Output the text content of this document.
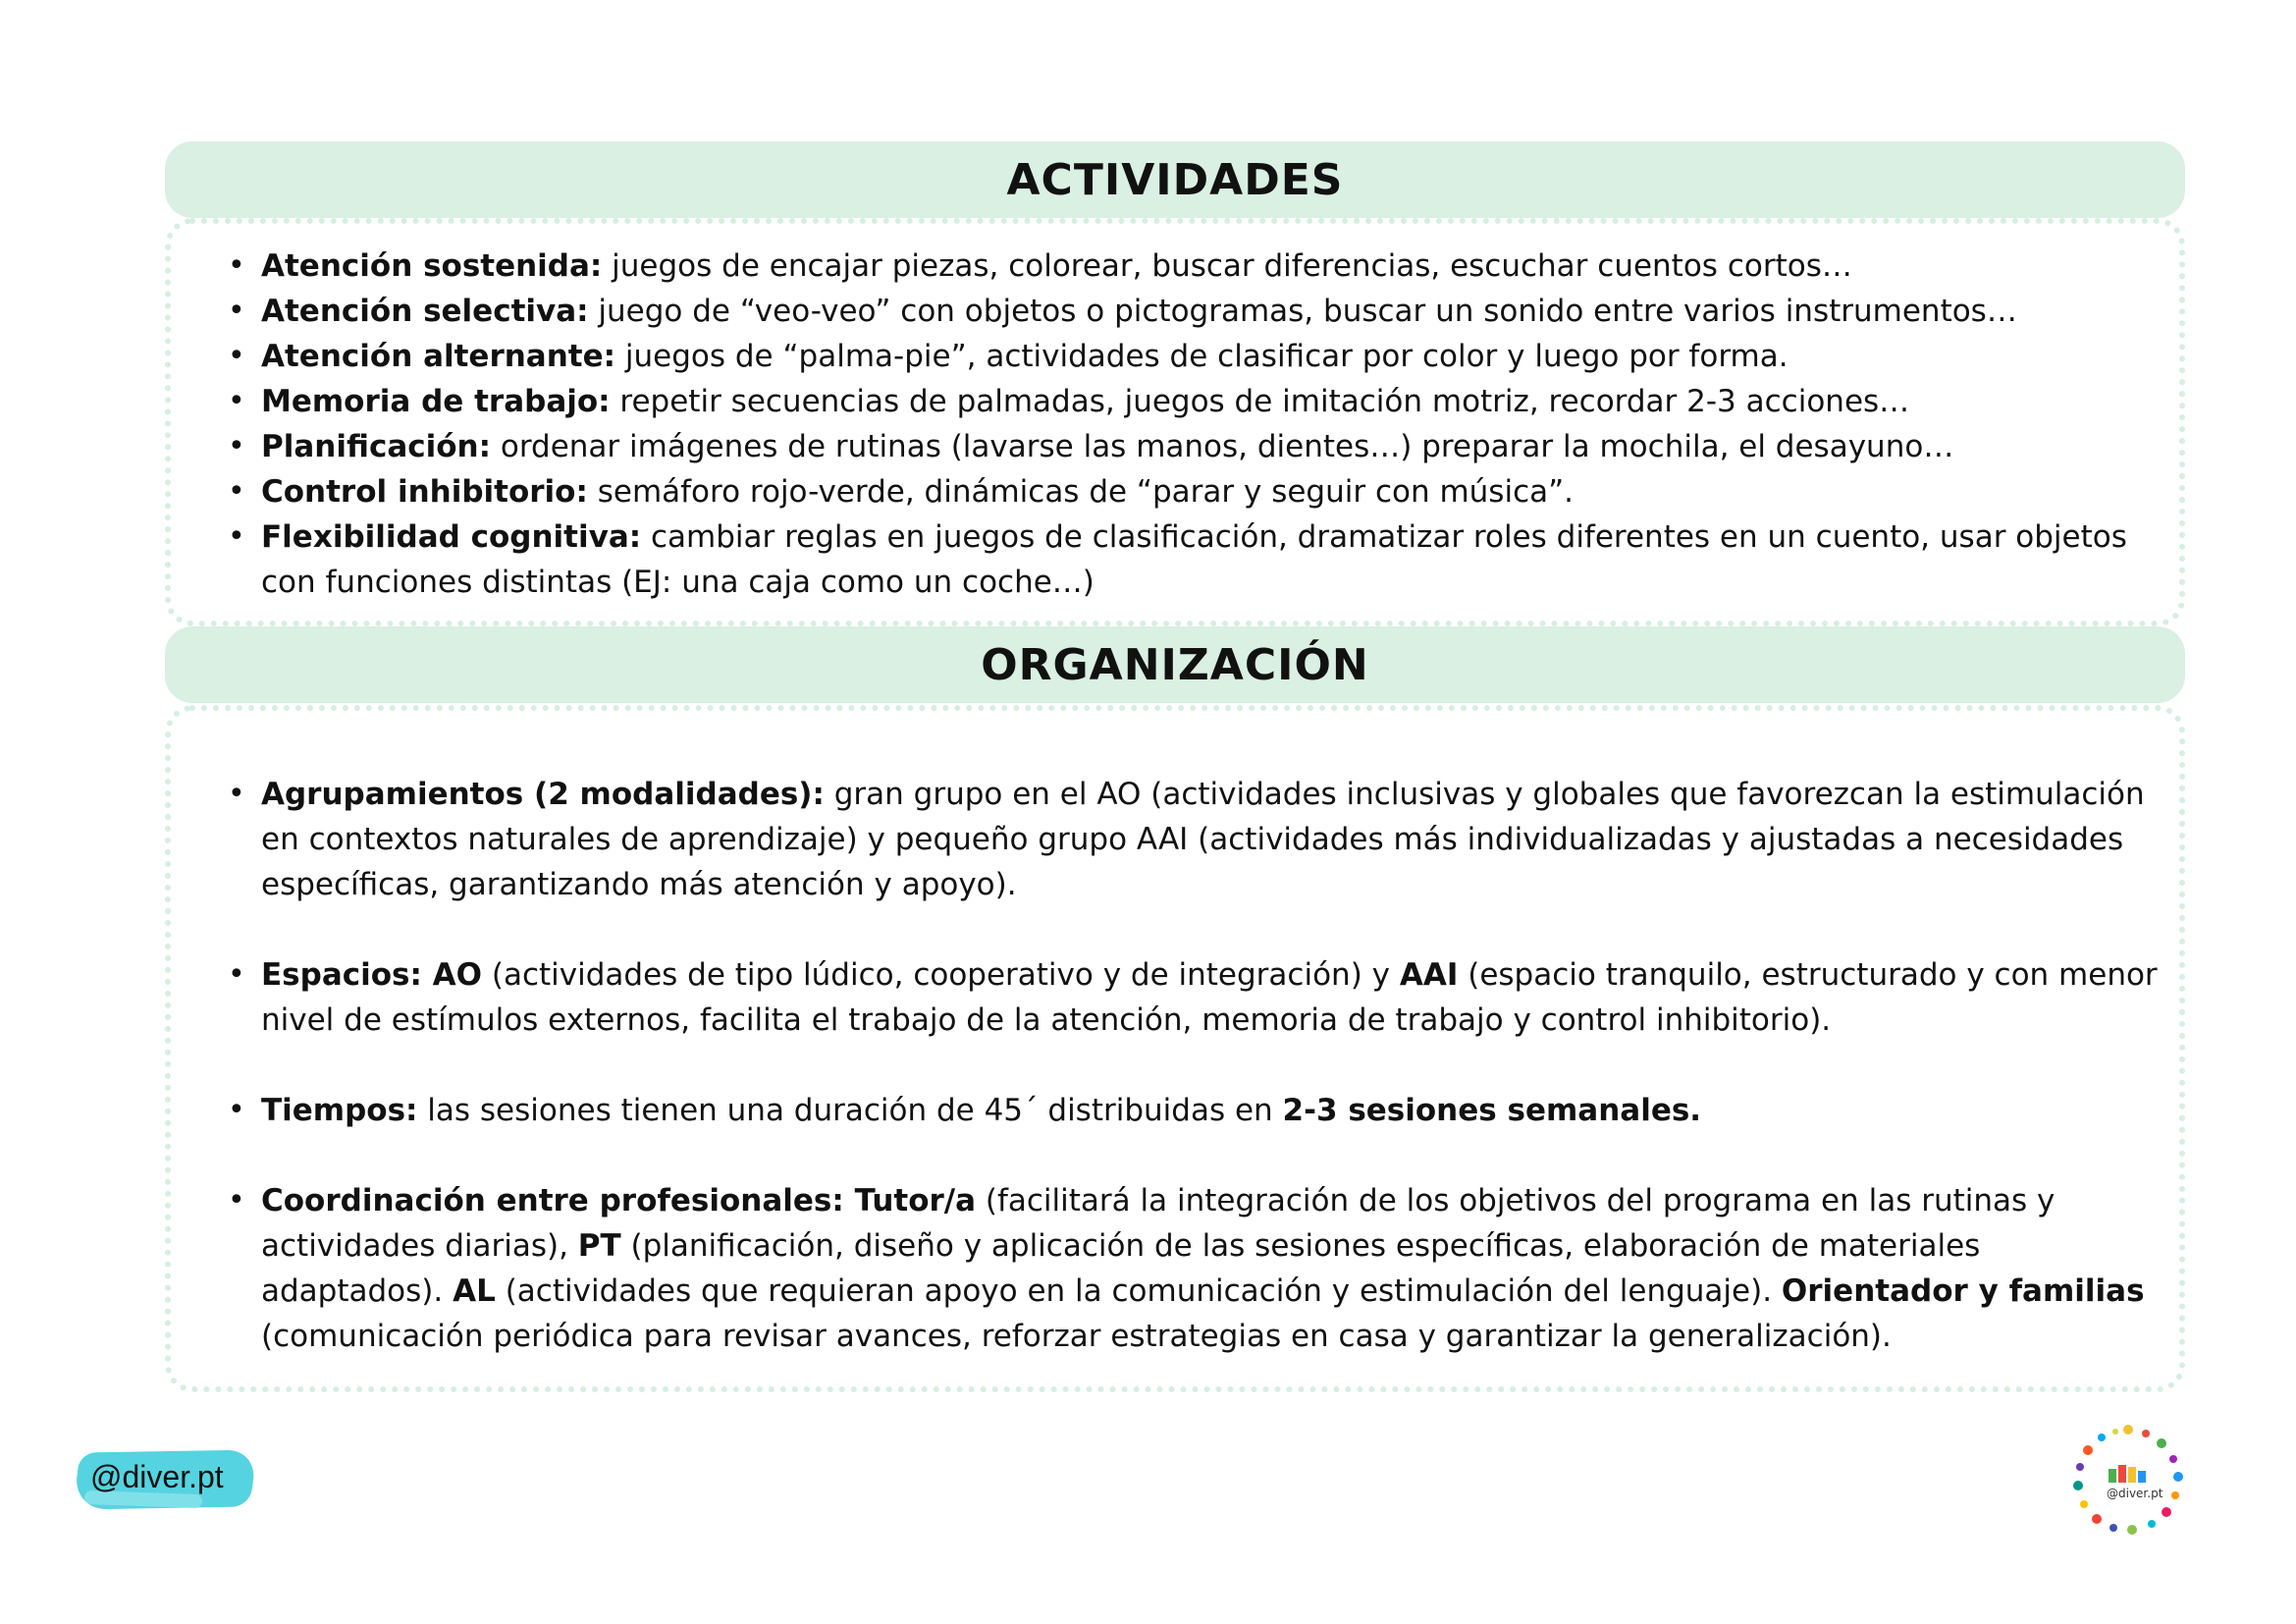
ACTIVIDADES
• Atención sostenida: juegos de encajar piezas, colorear, buscar diferencias, escuchar cuentos cortos…
• Atención selectiva: juego de “veo-veo” con objetos o pictogramas, buscar un sonido entre varios instrumentos…
• Atención alternante: juegos de “palma-pie”, actividades de clasificar por color y luego por forma.
• Memoria de trabajo: repetir secuencias de palmadas, juegos de imitación motriz, recordar 2-3 acciones…
• Planificación: ordenar imágenes de rutinas (lavarse las manos, dientes…) preparar la mochila, el desayuno…
• Control inhibitorio: semáforo rojo-verde, dinámicas de “parar y seguir con música”.
• Flexibilidad cognitiva: cambiar reglas en juegos de clasificación, dramatizar roles diferentes en un cuento, usar objetos con funciones distintas (EJ: una caja como un coche…)
ORGANIZACIÓN
• Agrupamientos (2 modalidades): gran grupo en el AO (actividades inclusivas y globales que favorezcan la estimulación en contextos naturales de aprendizaje) y pequeño grupo AAI (actividades más individualizadas y ajustadas a necesidades específicas, garantizando más atención y apoyo).
• Espacios: AO (actividades de tipo lúdico, cooperativo y de integración) y AAI (espacio tranquilo, estructurado y con menor nivel de estímulos externos, facilita el trabajo de la atención, memoria de trabajo y control inhibitorio).
• Tiempos: las sesiones tienen una duración de 45´ distribuidas en 2-3 sesiones semanales.
• Coordinación entre profesionales: Tutor/a (facilitará la integración de los objetivos del programa en las rutinas y actividades diarias), PT (planificación, diseño y aplicación de las sesiones específicas, elaboración de materiales adaptados). AL (actividades que requieran apoyo en la comunicación y estimulación del lenguaje). Orientador y familias (comunicación periódica para revisar avances, reforzar estrategias en casa y garantizar la generalización).
@diver.pt	@diver.pt
